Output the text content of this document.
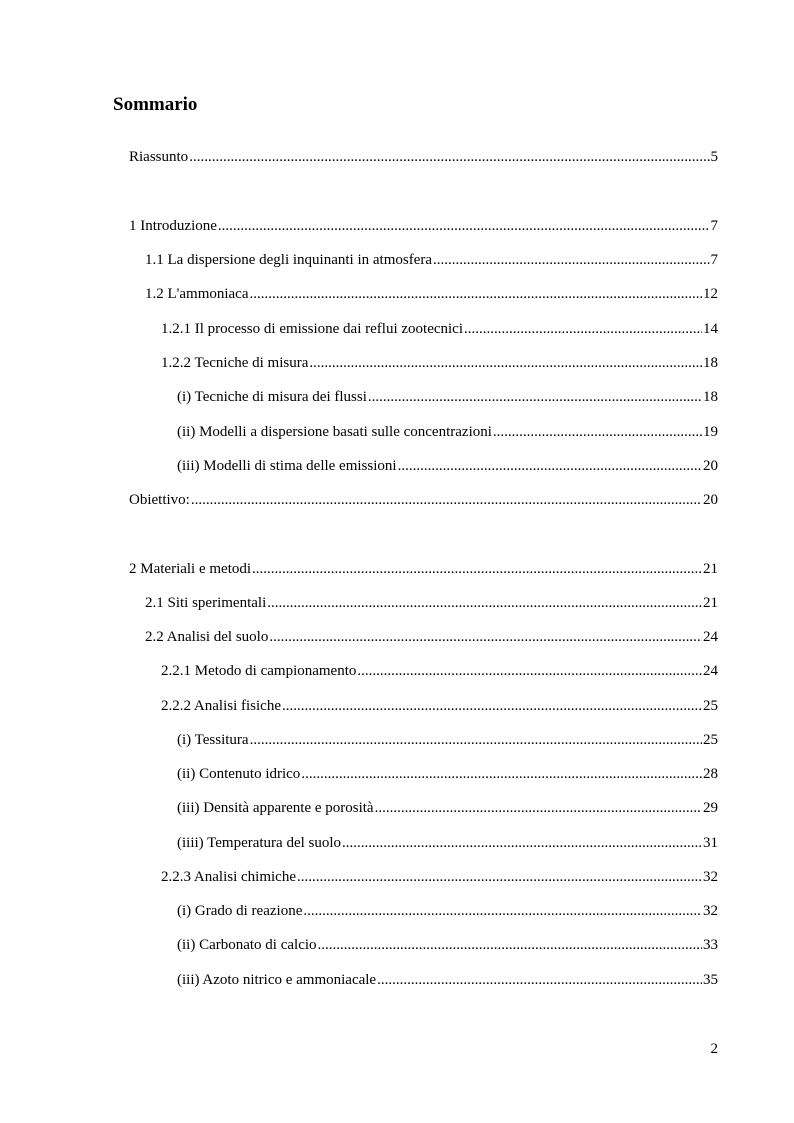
Sommario
Riassunto .....	5
1 Introduzione .....	7
1.1 La dispersione degli inquinanti in atmosfera .....	7
1.2 L'ammoniaca .....	12
1.2.1 Il processo di emissione dai reflui zootecnici .....	14
1.2.2 Tecniche di misura .....	18
(i) Tecniche di misura dei flussi .....	18
(ii) Modelli a dispersione basati sulle concentrazioni .....	19
(iii) Modelli di stima delle emissioni .....	20
Obiettivo: .....	20
2 Materiali e metodi .....	21
2.1 Siti sperimentali .....	21
2.2 Analisi del suolo .....	24
2.2.1 Metodo di campionamento .....	24
2.2.2 Analisi fisiche .....	25
(i) Tessitura .....	25
(ii) Contenuto idrico .....	28
(iii) Densità apparente e porosità .....	29
(iiii) Temperatura del suolo .....	31
2.2.3 Analisi chimiche .....	32
(i) Grado di reazione .....	32
(ii) Carbonato di calcio .....	33
(iii) Azoto nitrico e ammoniacale .....	35
2
